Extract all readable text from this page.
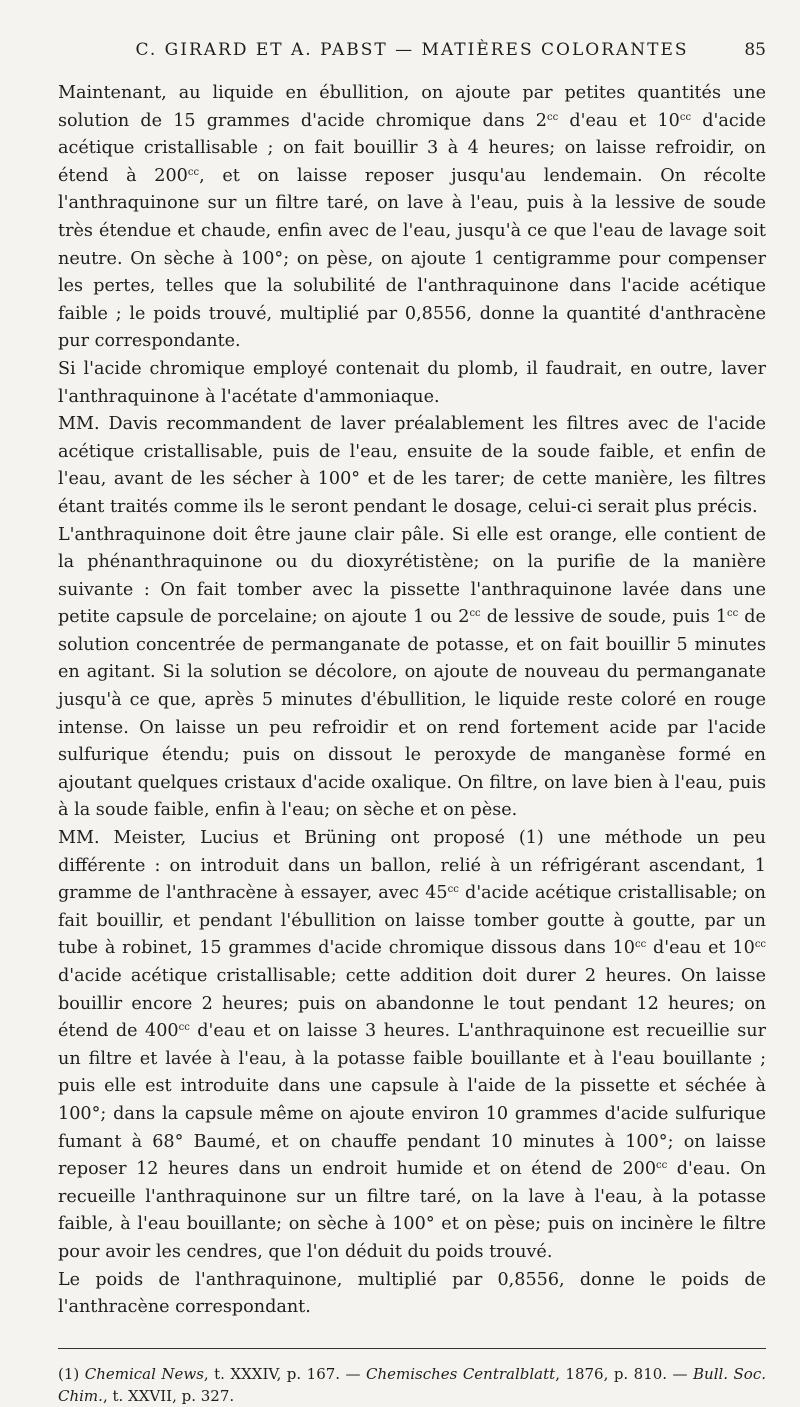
C. GIRARD ET A. PABST — MATIÈRES COLORANTES	85

Maintenant, au liquide en ébullition, on ajoute par petites quantités une solution de 15 grammes d'acide chromique dans $2^{cc}$ d'eau et $10^{cc}$ d'acide acétique cristallisable ; on fait bouillir 3 à 4 heures; on laisse refroidir, on étend à $200^{cc}$, et on laisse reposer jusqu'au lendemain. On récolte l'anthraquinone sur un filtre taré, on lave à l'eau, puis à la lessive de soude très étendue et chaude, enfin avec de l'eau, jusqu'à ce que l'eau de lavage soit neutre. On sèche à 100°; on pèse, on ajoute 1 centigramme pour compenser les pertes, telles que la solubilité de l'anthraquinone dans l'acide acétique faible ; le poids trouvé, multiplié par 0,8556, donne la quantité d'anthracène pur correspondante.

Si l'acide chromique employé contenait du plomb, il faudrait, en outre, laver l'anthraquinone à l'acétate d'ammoniaque.

MM. Davis recommandent de laver préalablement les filtres avec de l'acide acétique cristallisable, puis de l'eau, ensuite de la soude faible, et enfin de l'eau, avant de les sécher à 100° et de les tarer; de cette manière, les filtres étant traités comme ils le seront pendant le dosage, celui-ci serait plus précis.

L'anthraquinone doit être jaune clair pâle. Si elle est orange, elle contient de la phénanthraquinone ou du dioxyrétistène; on la purifie de la manière suivante : On fait tomber avec la pissette l'anthraquinone lavée dans une petite capsule de porcelaine; on ajoute 1 ou $2^{cc}$ de lessive de soude, puis $1^{cc}$ de solution concentrée de permanganate de potasse, et on fait bouillir 5 minutes en agitant. Si la solution se décolore, on ajoute de nouveau du permanganate jusqu'à ce que, après 5 minutes d'ébullition, le liquide reste coloré en rouge intense. On laisse un peu refroidir et on rend fortement acide par l'acide sulfurique étendu; puis on dissout le peroxyde de manganèse formé en ajoutant quelques cristaux d'acide oxalique. On filtre, on lave bien à l'eau, puis à la soude faible, enfin à l'eau; on sèche et on pèse.

MM. Meister, Lucius et Brüning ont proposé (1) une méthode un peu différente : on introduit dans un ballon, relié à un réfrigérant ascendant, 1 gramme de l'anthracène à essayer, avec $45^{cc}$ d'acide acétique cristallisable; on fait bouillir, et pendant l'ébullition on laisse tomber goutte à goutte, par un tube à robinet, 15 grammes d'acide chromique dissous dans $10^{cc}$ d'eau et $10^{cc}$ d'acide acétique cristallisable; cette addition doit durer 2 heures. On laisse bouillir encore 2 heures; puis on abandonne le tout pendant 12 heures; on étend de $400^{cc}$ d'eau et on laisse 3 heures. L'anthraquinone est recueillie sur un filtre et lavée à l'eau, à la potasse faible bouillante et à l'eau bouillante ; puis elle est introduite dans une capsule à l'aide de la pissette et séchée à 100°; dans la capsule même on ajoute environ 10 grammes d'acide sulfurique fumant à 68° Baumé, et on chauffe pendant 10 minutes à 100°; on laisse reposer 12 heures dans un endroit humide et on étend de $200^{cc}$ d'eau. On recueille l'anthraquinone sur un filtre taré, on la lave à l'eau, à la potasse faible, à l'eau bouillante; on sèche à 100° et on pèse; puis on incinère le filtre pour avoir les cendres, que l'on déduit du poids trouvé.

Le poids de l'anthraquinone, multiplié par 0,8556, donne le poids de l'anthracène correspondant.

(1) Chemical News, t. XXXIV, p. 167. — Chemisches Centralblatt, 1876, p. 810. — Bull. Soc. Chim., t. XXVII, p. 327.
